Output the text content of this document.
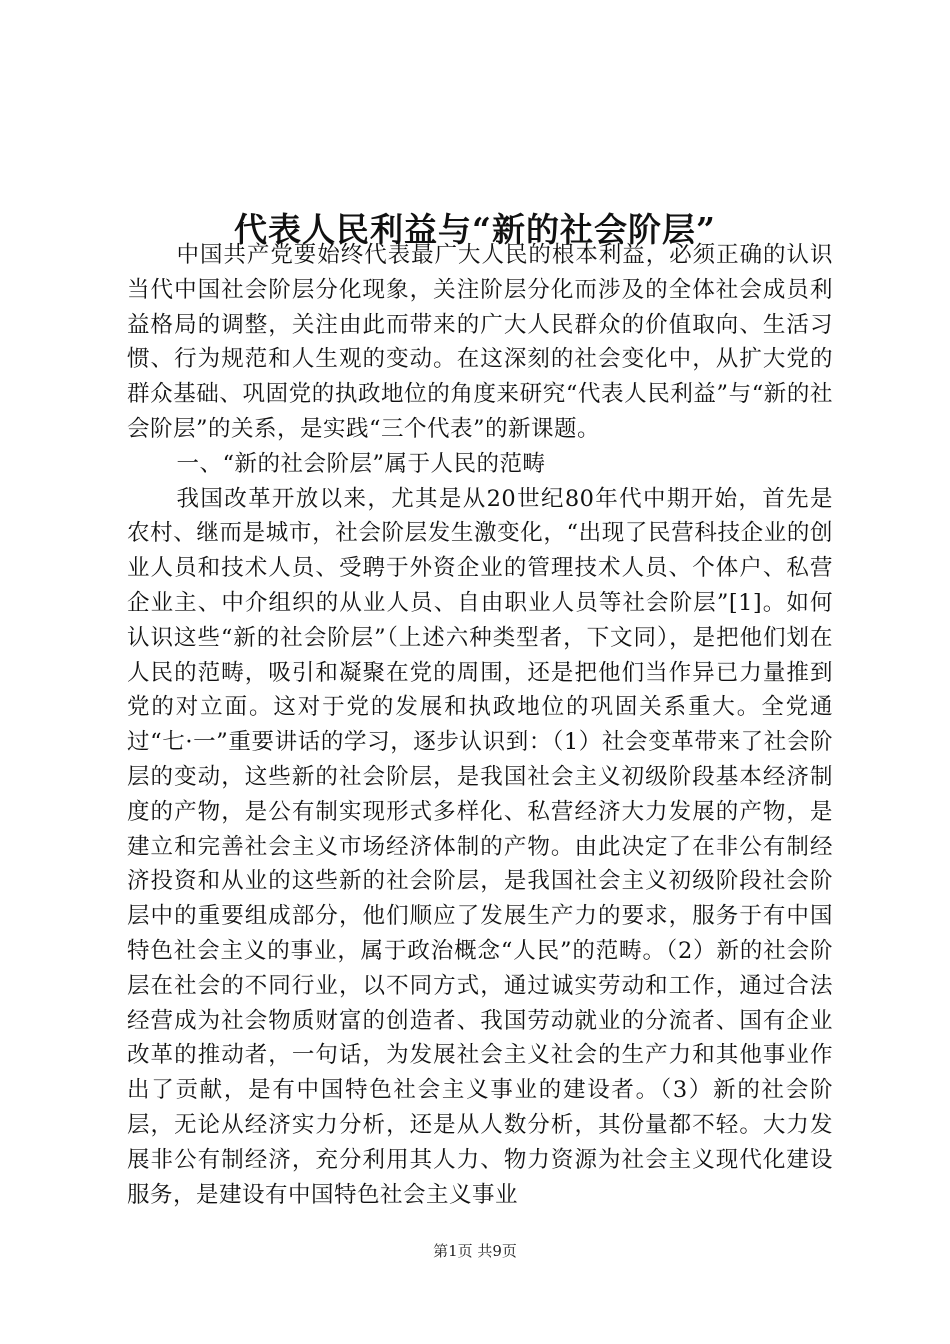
代表人民利益与“新的社会阶层”

中国共产党要始终代表最广大人民的根本利益，必须正确的认识当代中国社会阶层分化现象，关注阶层分化而涉及的全体社会成员利益格局的调整，关注由此而带来的广大人民群众的价值取向、生活习惯、行为规范和人生观的变动。在这深刻的社会变化中，从扩大党的群众基础、巩固党的执政地位的角度来研究“代表人民利益”与“新的社会阶层”的关系，是实践“三个代表”的新课题。

一、“新的社会阶层”属于人民的范畴

我国改革开放以来，尤其是从20世纪80年代中期开始，首先是农村、继而是城市，社会阶层发生激变化，“出现了民营科技企业的创业人员和技术人员、受聘于外资企业的管理技术人员、个体户、私营企业主、中介组织的从业人员、自由职业人员等社会阶层”[1]。如何认识这些“新的社会阶层”（上述六种类型者，下文同），是把他们划在人民的范畴，吸引和凝聚在党的周围，还是把他们当作异已力量推到党的对立面。这对于党的发展和执政地位的巩固关系重大。全党通过“七·一”重要讲话的学习，逐步认识到：（1）社会变革带来了社会阶层的变动，这些新的社会阶层，是我国社会主义初级阶段基本经济制度的产物，是公有制实现形式多样化、私营经济大力发展的产物，是建立和完善社会主义市场经济体制的产物。由此决定了在非公有制经济投资和从业的这些新的社会阶层，是我国社会主义初级阶段社会阶层中的重要组成部分，他们顺应了发展生产力的要求，服务于有中国特色社会主义的事业，属于政治概念“人民”的范畴。（2）新的社会阶层在社会的不同行业，以不同方式，通过诚实劳动和工作，通过合法经营成为社会物质财富的创造者、我国劳动就业的分流者、国有企业改革的推动者，一句话，为发展社会主义社会的生产力和其他事业作出了贡献，是有中国特色社会主义事业的建设者。（3）新的社会阶层，无论从经济实力分析，还是从人数分析，其份量都不轻。大力发展非公有制经济，充分利用其人力、物力资源为社会主义现代化建设服务，是建设有中国特色社会主义事业

第1页 共9页
